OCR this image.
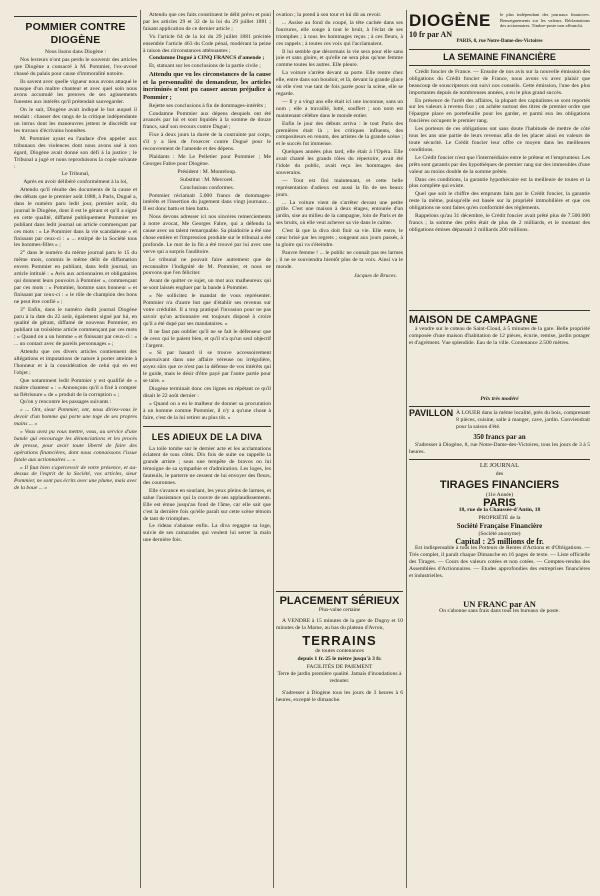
POMMIER CONTRE DIOGÈNE

Nous lisons dans Diogène :

Nos lecteurs n'ont pas perdu le souvenir des articles que Diogène a consacré à M. Pommier, l'ex-avoué chassé du palais pour cause d'immoralité notoire.

Ils savent avec quelle vigueur nous avons attaqué le masque d'un maître chanteur et avec quel soin nous avons accumulé les preuves de ses agissements funestes aux intérêts qu'il prétendait sauvegarder.

On le sait, Diogène avait indiqué le but auquel il tendait : chasser des rangs de la critique indépendante un intrus dont les manœuvres jettent le discrédit sur les travaux d'écrivains honnêtes.

M. Pommier ayant eu l'audace d'en appeler aux tribunaux des violences dont nous avons usé à son égard, Diogène avait donné son défi à la justice ; le Tribunal a jugé et nous reproduisons la copie suivante :

Le Tribunal,

Après en avoir délibéré conformément à la loi,

Attendu qu'il résulte des documents de la cause et des débats que le premier août 1888, à Paris, Dugué a, dans le numéro paru ledit jour, premier août, du journal le Diogène, dont il est le gérant et qu'il a signé en cette qualité, diffamé publiquement Pommier en publiant dans ledit journal un article commençant par ces mots : « Le Pommier dans la vie scandaleuse » et finissant par ceux-ci : « ... extirpé de la Société tous les hommes-filles » ;

2° dans le numéro du même journal paru le 15 du même mois, commis le même délit de diffamation envers Pommier en publiant, dans ledit journal, un article intitulé : « Avis aux actionnaires et obligataires qui donnent leurs pouvoirs à Pommier », commençant par ces mots : « Pommier, homme sans honneur » et finissant par ceux-ci : « le rôle de champion des bons ne peut être confié » ;

3° Enfin, dans le numéro dudit journal Diogène paru à la date du 22 août, également signé par lui, en qualité de gérant, diffamé de nouveau Pommier, en publiant un troisième article commençant par ces mots : « Quand on a un homme » et finissant par ceux-ci : « ... un contact avec de pareils personnages » ;

Attendu que ces divers articles contiennent des allégations et imputations de nature à porter atteinte à l'honneur et à la considération de celui qui en est l'objet ;

Que notamment ledit Pommier y est qualifié de « maître chanteur » : « Annonçons qu'il a fixé à compter sa flétrissure » de « produit de la corruption » ;

Qu'on y rencontre les passages suivants :

« ... Ont, sieur Pommier, ont, nous diriez-vous le devoir d'un homme qui porte une toge de ses propres mains ... »

« Vous avez pu vous mettre, vous, au service d'une bande qui encourage les dénonciations et les procès de presse, pour avoir toute liberté de faire des opérations financières, dont nous connaissons l'issue fatale aux actionnaires ... »

« Il faut bien s'apercevoir de votre présence, et au-dessus de l'esprit de la Société, vos articles, sieur Pommier, ne sont pas écrits avec une plume, mais avec de la boue ... »

Attendu que ces faits constituent le délit prévu et puni par les articles 29 et 32 de la loi du 29 juillet 1881 ; faisant application de ce dernier article ;

Vu l'article 64 de la loi du 29 juillet 1881 précitée ensemble l'article 463 du Code pénal, modérant la peine à raison des circonstances atténuantes ;

Condamne Dugué à CINQ FRANCS d'amende ;

Et, statuant sur les conclusions de la partie civile ;

Attendu que vu les circonstances de la cause et la personnalité du demandeur, les articles incriminés n'ont pu causer aucun préjudice à Pommier ;

Rejette ses conclusions à fin de dommages-intérêts ;

Condamne Pommier aux dépens desquels ont été avancés par lui et sont liquidés à la somme de douze francs, sauf son recours contre Dugué ;

Fixe à deux jours la durée de la contrainte par corps, s'il y a lieu de l'exercer contre Dugué pour le recouvrement de l'amende et des dépens.

Plaidants : Me Le Pelletier pour Pommier ; Me Georges Fabre pour Diogène.

Président : M. Monteloup.

Substitut : M. Mercorel.

Conclusions conformes.

Pommier réclamait 5.000 francs de dommages-intérêts et l'insertion du jugement dans vingt journaux... Il est donc battu et bien battu.

Nous devons adresser ici nos sincères remerciements à notre avocat, Me Georges Fabre, qui a défendu la cause avec un talent remarquable. Sa plaidoirie a été une chose entière et l'impression produite sur le tribunal a été profonde. Le mot de la fin a été trouvé par lui avec une verve qui a surpris l'auditoire.

Le tribunal ne pouvait faire autrement que de reconnaître l'indignité de M. Pommier, et nous ne pouvons que l'en féliciter.

Avant de quitter ce sujet, un mot aux malheureux qui se sont laissés engluer par la bande à Pommier.

« Ne sollicitez le mandat de vous représenter. Pommier n'a d'autre but que d'établir ses revenus sur votre crédulité. Il a trop pratiqué l'invasion pour ne pas savoir qu'un actionnaire est toujours disposé à croire qu'il a été dupé par ses mandataires. »

Il ne faut pas oublier qu'il ne se fait le défenseur que de ceux qui le paient bien, et qu'il n'a qu'un seul objectif : l'argent.

« Si par hasard il se trouve accessoirement poursuivant dans une affaire véreuse ou irrégulière, soyez sûrs que ce n'est pas la défense de vos intérêts qui le guide, mais le désir d'être payé par l'autre partie pour se taire. »

Diogène terminait donc ces lignes en répétant ce qu'il disait le 22 août dernier :

« Quand on a eu le malheur de donner sa procuration à un homme comme Pommier, il n'y a qu'une chose à faire, c'est de la lui retirer au plus tôt. »

LES ADIEUX DE LA DIVA

La toile tombe sur le dernier acte et les acclamations éclatent de tous côtés. Dix fois de suite on rappelle la grande artiste ; sous une tempête de bravos on lui témoigne de sa sympathie et d'admiration. Les loges, les fauteuils, le parterre ne cessent de lui envoyer des fleurs, des couronnes.

Elle s'avance en souriant, les yeux pleins de larmes, et salue l'assistance qui la couvre de ses applaudissements. Elle est émue jusqu'au fond de l'âme, car elle sait que c'est la dernière fois qu'elle paraît sur cette scène témoin de tant de triomphes.

Le rideau s'abaisse enfin. La diva regagne sa loge, suivie de ses camarades qui veulent lui serrer la main une dernière fois.

ovation ; la prend à son tour et lui dit au revoir.

... Assise au fond du coupé, la tête cachée dans ses fourrures, elle songe à tout le bruit, à l'éclat de ses triomphes ; à tous les hommages reçus ; à ces fleurs, à ces rappels ; à toutes ces voix qui l'acclamaient.

Il lui semble que désormais la vie sera pour elle sans joie et sans gloire, et qu'elle ne sera plus qu'une femme comme toutes les autres. Elle pleure.

La voiture s'arrête devant sa porte. Elle rentre chez elle, entre dans son boudoir, et là, devant la grande glace où elle s'est vue tant de fois parée pour la scène, elle se regarde.

— Il y a vingt ans elle était ici une inconnue, sans un nom ; elle a travaillé, lutté, souffert ; son nom est maintenant célèbre dans le monde entier.

Enfin le jour des débuts arriva : le tout Paris des premières était là ; les critiques influents, des compositeurs en renom, des artistes de la grande scène ; et le succès fut immense.

Quelques années plus tard, elle était à l'Opéra. Elle avait chanté les grands rôles du répertoire, avait été l'idole du public, avait reçu les hommages des souverains.

— Tout est fini maintenant, et cette belle représentation d'adieux est aussi la fin de ses beaux jours.

... La voiture vient de s'arrêter devant une petite grille. C'est une maison à deux étages, entourée d'un jardin, sise au milieu de la campagne, loin de Paris et de ses bruits, où elle veut achever sa vie dans le calme.

C'est là que la diva doit finir sa vie. Elle entre, le cœur brisé par les regrets ; songeant aux jours passés, à la gloire qui va s'éteindre.

Pauvre femme ! ... le public ne connaît pas tes larmes ; il ne se souviendra bientôt plus de ta voix. Ainsi va le monde.

Jacques de Bruces.
PLACEMENT SÉRIEUX

Plus-value certaine

A VENDRE à 15 minutes de la gare de Dugny et 10 minutes de la Marne, au bas du plateau d'Avron,

TERRAINS

de toutes contenances

depuis 1 fr. 25 le mètre jusqu'à 3 fr.

FACILITÉS DE PAIEMENT

Terre de jardin première qualité. Jamais d'inondations à redouter.

S'adresser à Diogène tous les jours de 3 heures à 6 heures, excepté le dimanche.

DIOGÈNE
10 fr par AN
le plus indépendant des journaux financiers. Renseignements sur les valeurs. Réclamations des actionnaires. Timbre-poste non affranchi.

PARIS, 8, rue Notre-Dame-des-Victoires

LA SEMAINE FINANCIÈRE

Crédit foncier de France. — Ensuite de nos avis sur la nouvelle émission des obligations du Crédit foncier de France, nous avons vu avec plaisir que beaucoup de souscripteurs ont suivi nos conseils. Cette émission, l'une des plus importantes depuis de nombreuses années, a eu le plus grand succès.

En présence de l'arrêt des affaires, la plupart des capitalistes se sont reportés sur les valeurs à revenu fixe ; on achète surtout des titres de premier ordre que l'épargne place en portefeuille pour les garder, et parmi eux les obligations foncières occupent le premier rang.

Les porteurs de ces obligations ont sans doute l'habitude de mettre de côté tous les ans une partie de leurs revenus afin de les placer ainsi en valeurs de toute sécurité. Le Crédit foncier leur offre ce moyen dans les meilleures conditions.

Le Crédit foncier n'est que l'intermédiaire entre le prêteur et l'emprunteur. Les prêts sont garantis par des hypothèques de premier rang sur des immeubles d'une valeur au moins double de la somme prêtée.

Dans ces conditions, la garantie hypothécaire est la meilleure de toutes et la plus complète qui existe.

Quel que soit le chiffre des emprunts faits par le Crédit foncier, la garantie reste la même, puisqu'elle est basée sur la propriété immobilière et que ces obligations ne sont faites qu'en conformité des règlements.

Rappelons qu'au 31 décembre, le Crédit foncier avait prêté plus de 7.500.000 francs ; la somme des prêts était de plus de 2 milliards, et le montant des obligations émises dépassait 2 milliards 200 millions.

MAISON DE CAMPAGNE

à vendre sur le coteau de Saint-Cloud, à 5 minutes de la gare. Belle propriété composée d'une maison d'habitation de 12 pièces, écurie, remise, jardin potager et d'agrément. Vue splendide. Eau de la ville. Contenance 2.500 mètres.

Prix très modéré

PAVILLON À LOUER dans la même localité, près du bois, comprenant 8 pièces, cuisine, salle à manger, cave, jardin. Conviendrait pour la saison d'été.

350 francs par an

S'adresser à Diogène, 8, rue Notre-Dame-des-Victoires, tous les jours de 3 à 5 heures.

LE JOURNAL

des

TIRAGES FINANCIERS

(11e Année)

PARIS

18, rue de la Chaussée-d'Antin, 18

PROPRIÉTÉ de la

Société Française Financière

(Société anonyme)

Capital : 25 millions de fr.

Est indispensable à tous les Porteurs de Rentes d'Actions et d'Obligations. — Très complet, il paraît chaque Dimanche en 16 pages de texte. — Liste officielle des Tirages. — Cours des valeurs cotées et non cotées. — Comptes-rendus des Assemblées d'Actionnaires. — Etudes approfondies des entreprises financières et industrielles.

UN FRANC par AN

On s'abonne sans frais dans tous les bureaux de poste.
